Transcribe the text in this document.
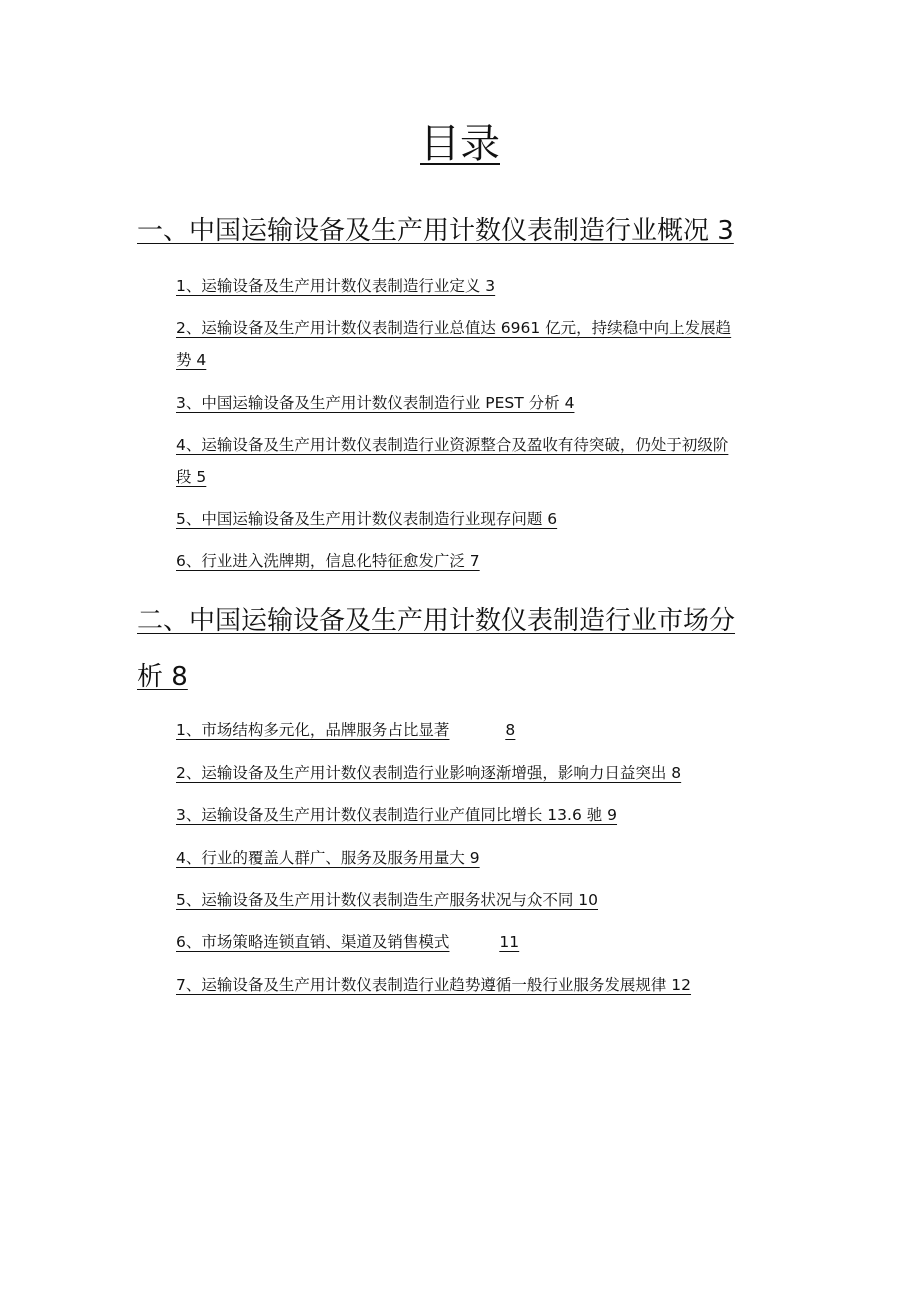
目录
一、中国运输设备及生产用计数仪表制造行业概况 3
1、运输设备及生产用计数仪表制造行业定义 3
2、运输设备及生产用计数仪表制造行业总值达 6961 亿元，持续稳中向上发展趋
势 4
3、中国运输设备及生产用计数仪表制造行业 PEST 分析 4
4、运输设备及生产用计数仪表制造行业资源整合及盈收有待突破，仍处于初级阶
段 5
5、中国运输设备及生产用计数仪表制造行业现存问题 6
6、行业进入洗牌期，信息化特征愈发广泛 7
二、中国运输设备及生产用计数仪表制造行业市场分
析 8
1、市场结构多元化，品牌服务占比显著	8
2、运输设备及生产用计数仪表制造行业影响逐渐增强，影响力日益突出 8
3、运输设备及生产用计数仪表制造行业产值同比增长 13.6 驰 9
4、行业的覆盖人群广、服务及服务用量大 9
5、运输设备及生产用计数仪表制造生产服务状况与众不同 10
6、市场策略连锁直销、渠道及销售模式	11
7、运输设备及生产用计数仪表制造行业趋势遵循一般行业服务发展规律 12
